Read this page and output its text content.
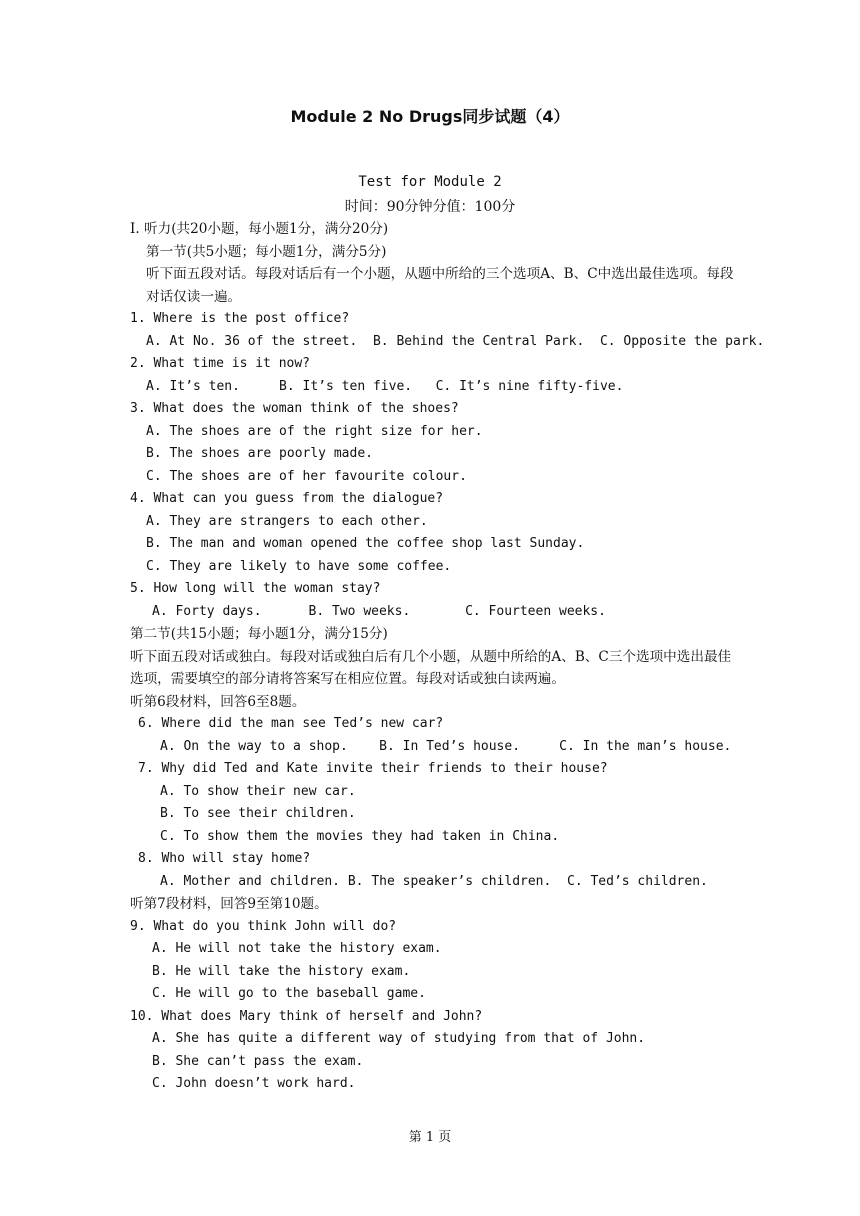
Module 2 No Drugs同步试题（4）
Test for Module 2
时间：90分钟分值：100分
Ⅰ. 听力(共20小题，每小题1分，满分20分)
第一节(共5小题；每小题1分，满分5分)
听下面五段对话。每段对话后有一个小题，从题中所给的三个选项A、B、C中选出最佳选项。每段对话仅读一遍。
1. Where is the post office?
A. At No. 36 of the street.  B. Behind the Central Park.  C. Opposite the park.
2. What time is it now?
A. It’s ten.     B. It’s ten five.   C. It’s nine fifty-five.
3. What does the woman think of the shoes?
A. The shoes are of the right size for her.
B. The shoes are poorly made.
C. The shoes are of her favourite colour.
4. What can you guess from the dialogue?
A. They are strangers to each other.
B. The man and woman opened the coffee shop last Sunday.
C. They are likely to have some coffee.
5. How long will the woman stay?
A. Forty days.      B. Two weeks.       C. Fourteen weeks.
第二节(共15小题；每小题1分，满分15分)
听下面五段对话或独白。每段对话或独白后有几个小题，从题中所给的A、B、C三个选项中选出最佳选项，需要填空的部分请将答案写在相应位置。每段对话或独白读两遍。
听第6段材料，回答6至8题。
6. Where did the man see Ted’s new car?
A. On the way to a shop.    B. In Ted’s house.     C. In the man’s house.
7. Why did Ted and Kate invite their friends to their house?
A. To show their new car.
B. To see their children.
C. To show them the movies they had taken in China.
8. Who will stay home?
A. Mother and children. B. The speaker’s children.  C. Ted’s children.
听第7段材料，回答9至第10题。
9. What do you think John will do?
A. He will not take the history exam.
B. He will take the history exam.
C. He will go to the baseball game.
10. What does Mary think of herself and John?
A. She has quite a different way of studying from that of John.
B. She can’t pass the exam.
C. John doesn’t work hard.
第 1 页
